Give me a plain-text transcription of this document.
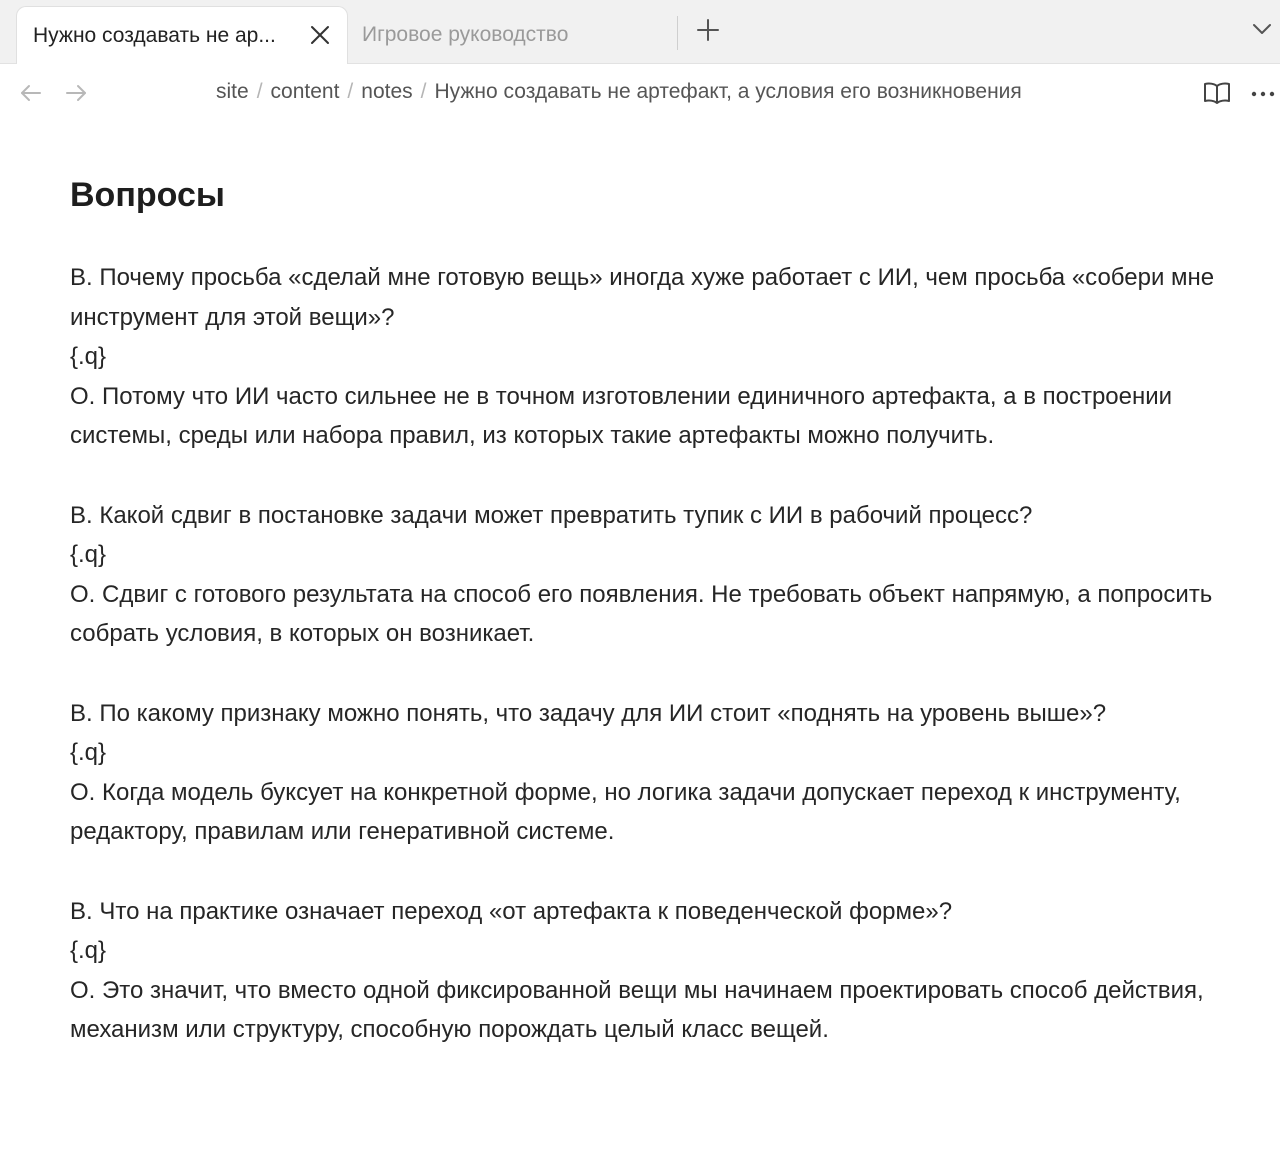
Нужно создавать не ар...	Игровое руководство
site / content / notes / Нужно создавать не артефакт, а условия его возникновения
Вопросы

В. Почему просьба «сделай мне готовую вещь» иногда хуже работает с ИИ, чем просьба «собери мне инструмент для этой вещи»?

{.q}

О. Потому что ИИ часто сильнее не в точном изготовлении единичного артефакта, а в построении системы, среды или набора правил, из которых такие артефакты можно получить.

В. Какой сдвиг в постановке задачи может превратить тупик с ИИ в рабочий процесс?

{.q}

О. Сдвиг с готового результата на способ его появления. Не требовать объект напрямую, а попросить собрать условия, в которых он возникает.

В. По какому признаку можно понять, что задачу для ИИ стоит «поднять на уровень выше»?

{.q}

О. Когда модель буксует на конкретной форме, но логика задачи допускает переход к инструменту, редактору, правилам или генеративной системе.

В. Что на практике означает переход «от артефакта к поведенческой форме»?

{.q}

О. Это значит, что вместо одной фиксированной вещи мы начинаем проектировать способ действия, механизм или структуру, способную порождать целый класс вещей.
